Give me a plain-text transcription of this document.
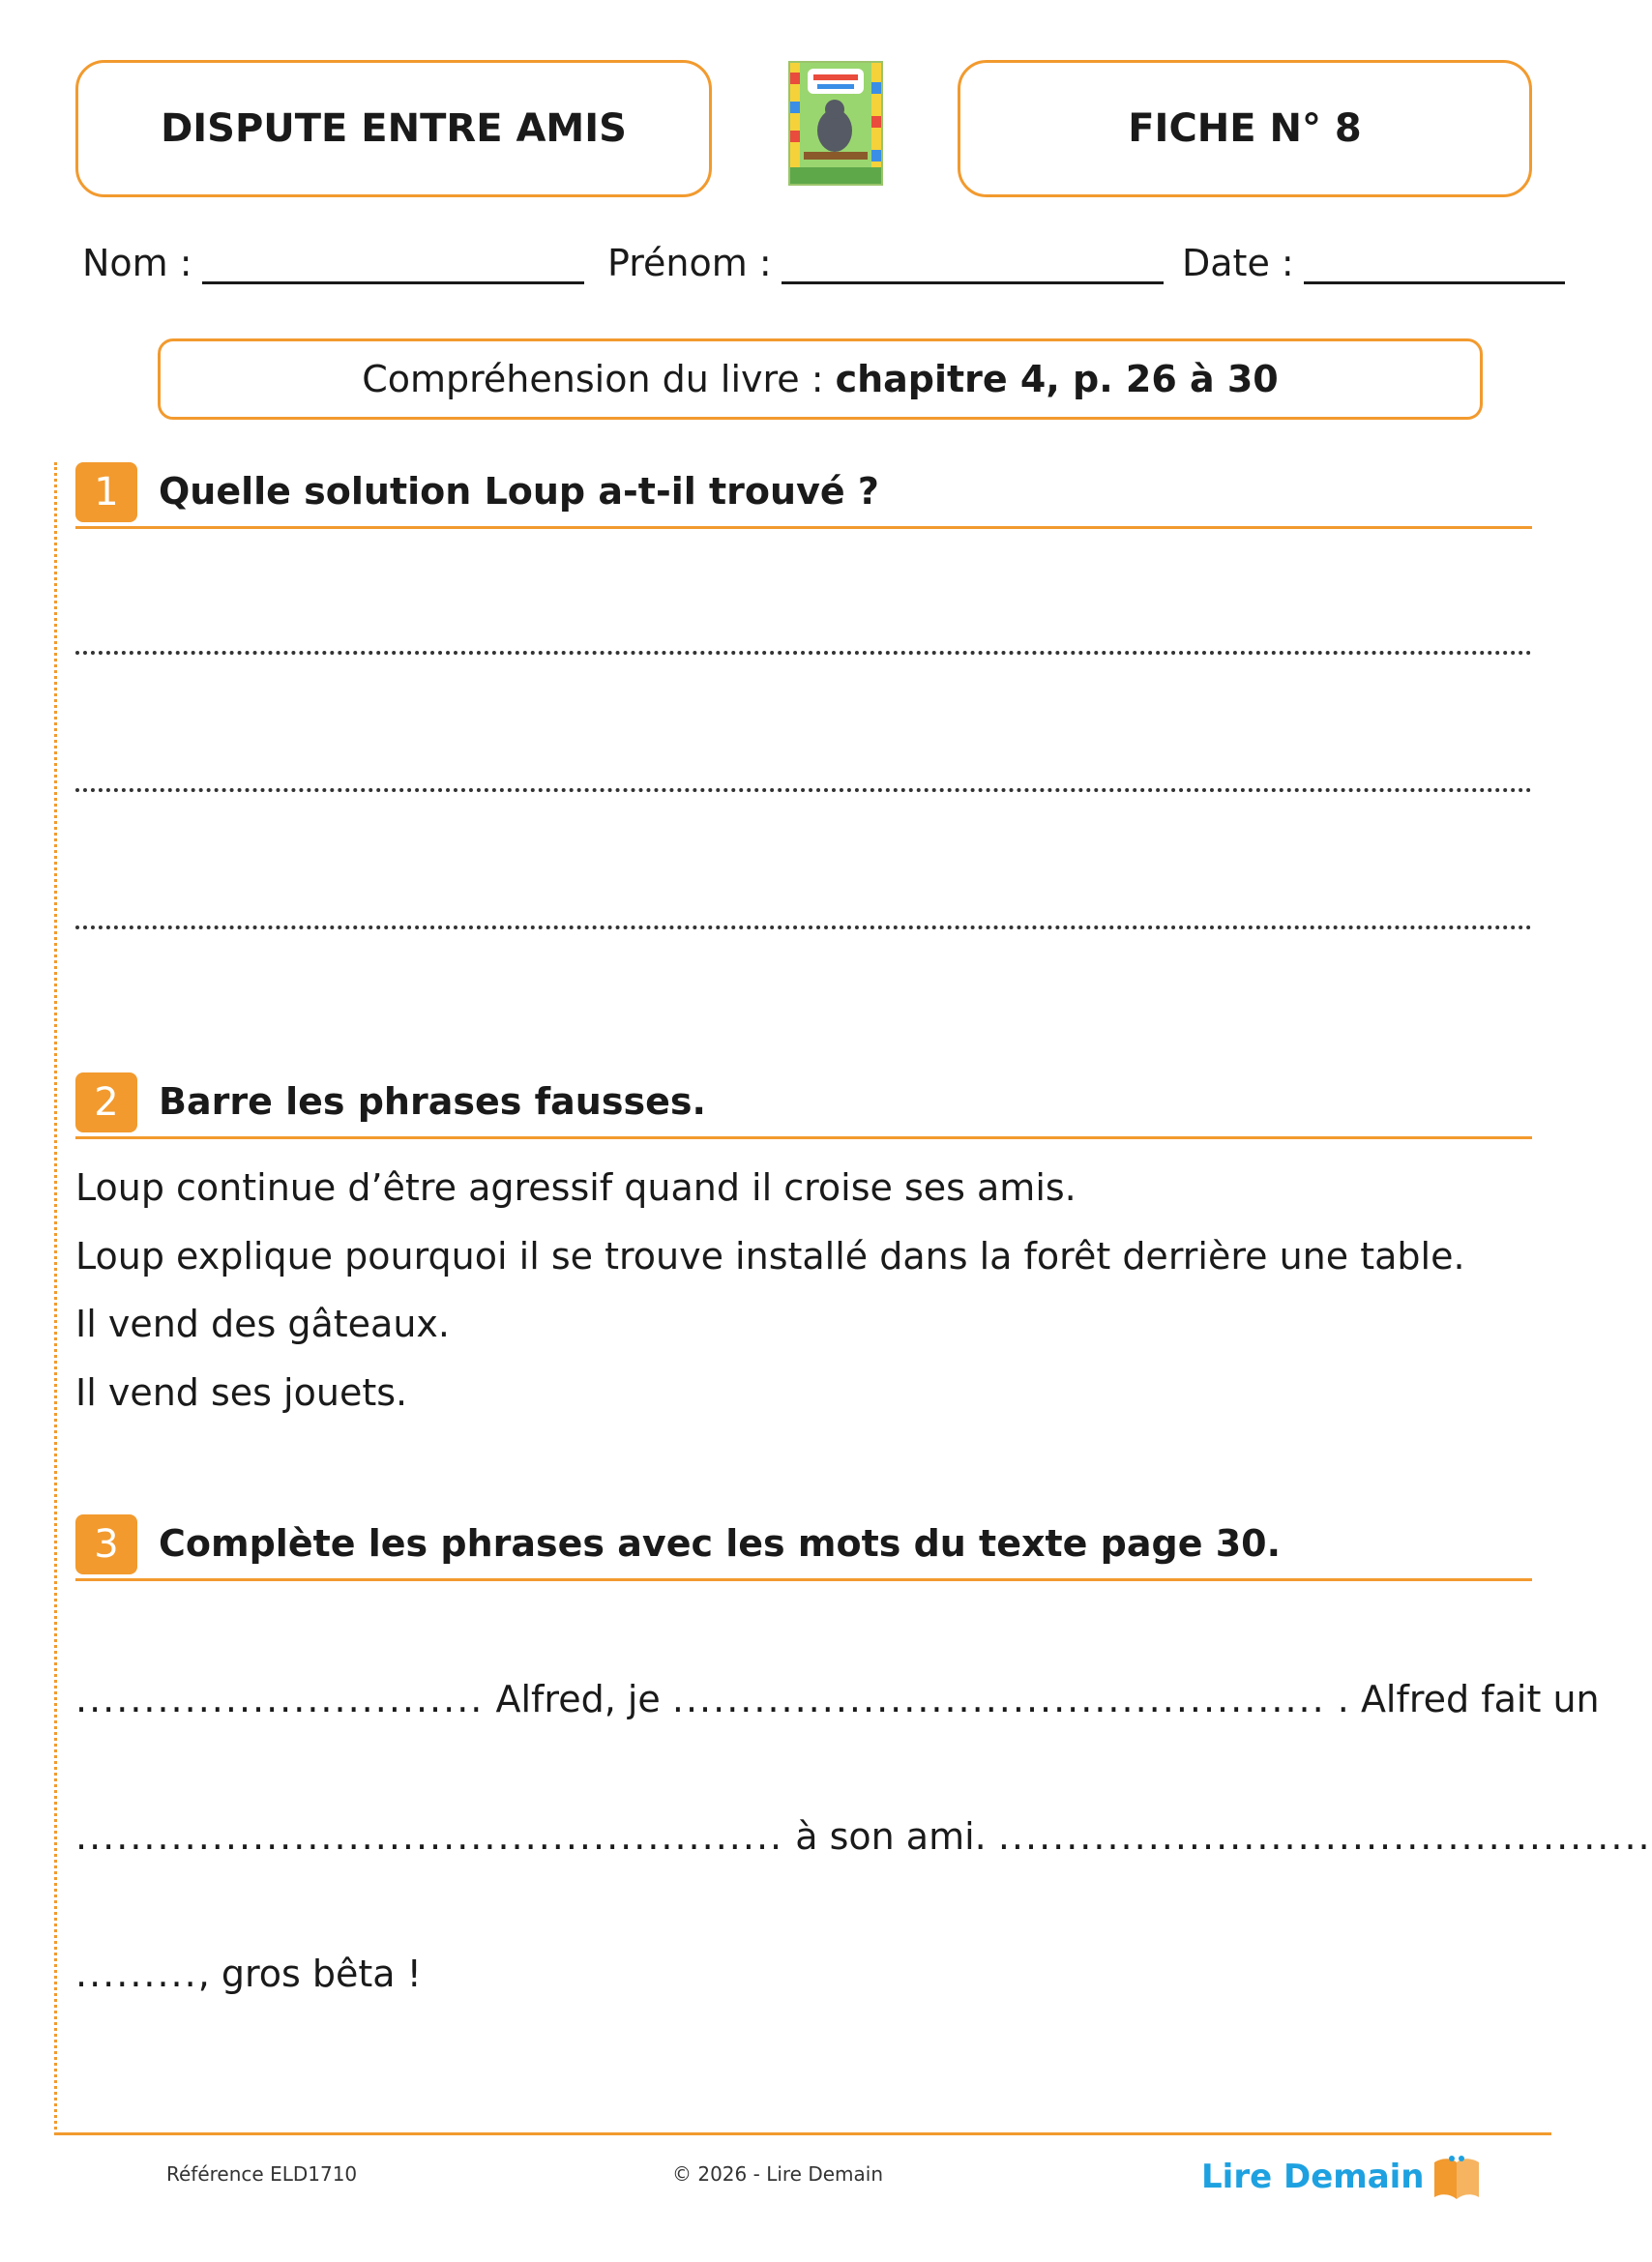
DISPUTE ENTRE AMIS	FICHE N° 8
Nom :	Prénom :	Date :
Compréhension du livre : chapitre 4, p. 26 à 30
1	Quelle solution Loup a-t-il trouvé ?
2	Barre les phrases fausses.
Loup continue d’être agressif quand il croise ses amis.
Loup explique pourquoi il se trouve installé dans la forêt derrière une table.
Il vend des gâteaux.
Il vend ses jouets.
3	Complète les phrases avec les mots du texte page 30.
.............................. Alfred, je ................................................ . Alfred fait un
.................................................... à son ami. ................................................
........., gros bêta !
Référence ELD1710	© 2026 - Lire Demain	Lire Demain
